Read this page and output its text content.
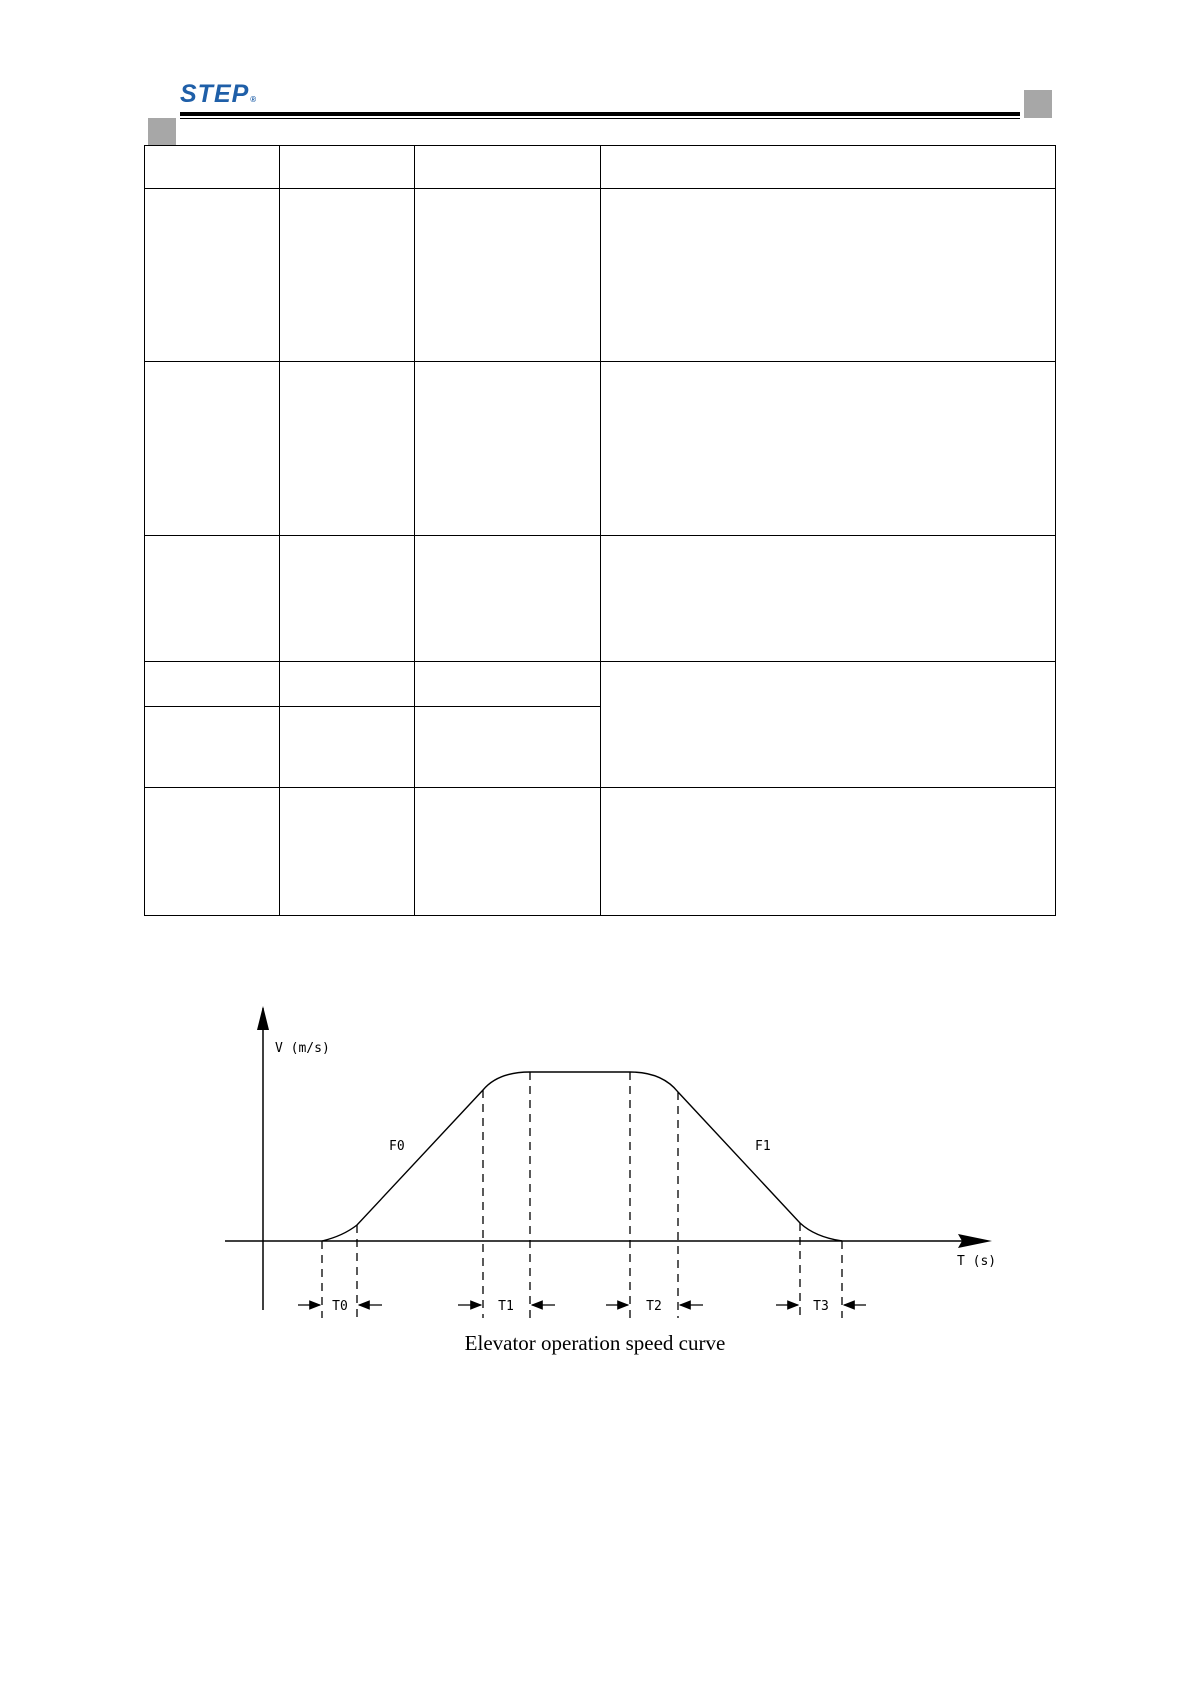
STEP®

V (m/s)
T (s)
F0	F1
T0	T1	T2	T3
Elevator operation speed curve
